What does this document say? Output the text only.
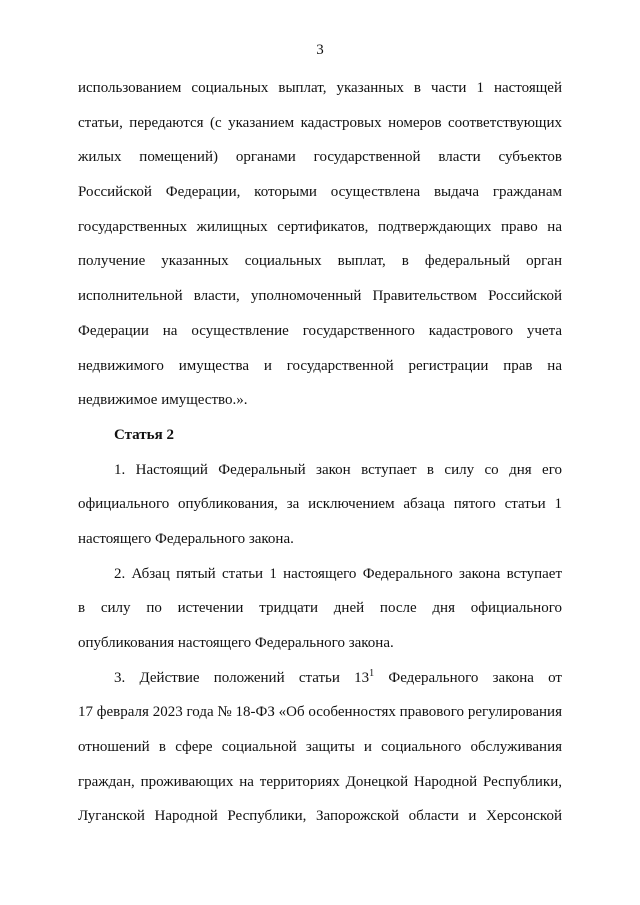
3
использованием социальных выплат, указанных в части 1 настоящей
статьи, передаются (с указанием кадастровых номеров соответствующих
жилых помещений) органами государственной власти субъектов
Российской Федерации, которыми осуществлена выдача гражданам
государственных жилищных сертификатов, подтверждающих право на
получение указанных социальных выплат, в федеральный орган
исполнительной власти, уполномоченный Правительством Российской
Федерации на осуществление государственного кадастрового учета
недвижимого имущества и государственной регистрации прав на
недвижимое имущество.».
Статья 2
1. Настоящий Федеральный закон вступает в силу со дня его
официального опубликования, за исключением абзаца пятого статьи 1
настоящего Федерального закона.
2. Абзац пятый статьи 1 настоящего Федерального закона вступает
в силу по истечении тридцати дней после дня официального
опубликования настоящего Федерального закона.
3. Действие положений статьи $13^1$ Федерального закона от
17 февраля 2023 года № 18-ФЗ «Об особенностях правового регулирования
отношений в сфере социальной защиты и социального обслуживания
граждан, проживающих на территориях Донецкой Народной Республики,
Луганской Народной Республики, Запорожской области и Херсонской
